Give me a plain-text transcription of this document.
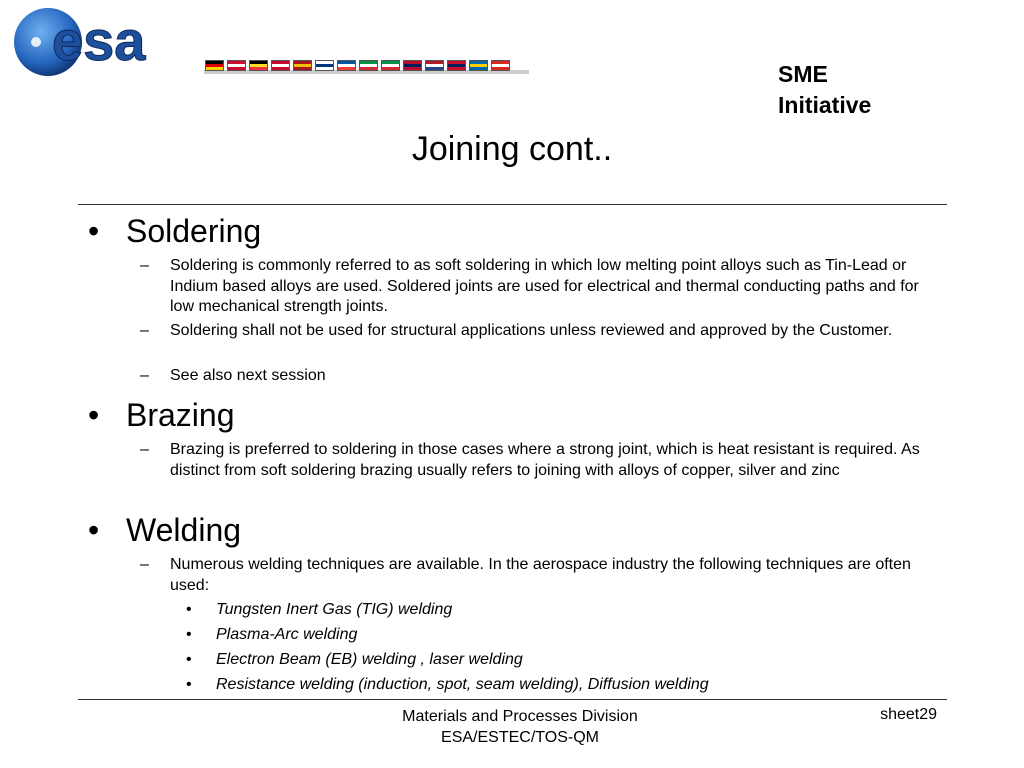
esa
SME
Initiative
Joining cont..
• Soldering
– Soldering is commonly referred to as soft soldering in which low melting point alloys such as Tin-Lead or Indium based alloys are used. Soldered joints are used for electrical and thermal conducting paths and for low mechanical strength joints.
– Soldering shall not be used for structural applications unless reviewed and approved by the Customer.
– See also next session
• Brazing
– Brazing is preferred to soldering in those cases where a strong joint, which is heat resistant is required. As distinct from soft soldering brazing usually refers to joining with alloys of copper, silver and zinc
• Welding
– Numerous welding techniques are available. In the aerospace industry the following techniques are often used:
• Tungsten Inert Gas (TIG) welding
• Plasma-Arc welding
• Electron Beam (EB) welding , laser welding
• Resistance welding (induction, spot, seam welding), Diffusion welding
Materials and Processes Division
ESA/ESTEC/TOS-QM
sheet29
